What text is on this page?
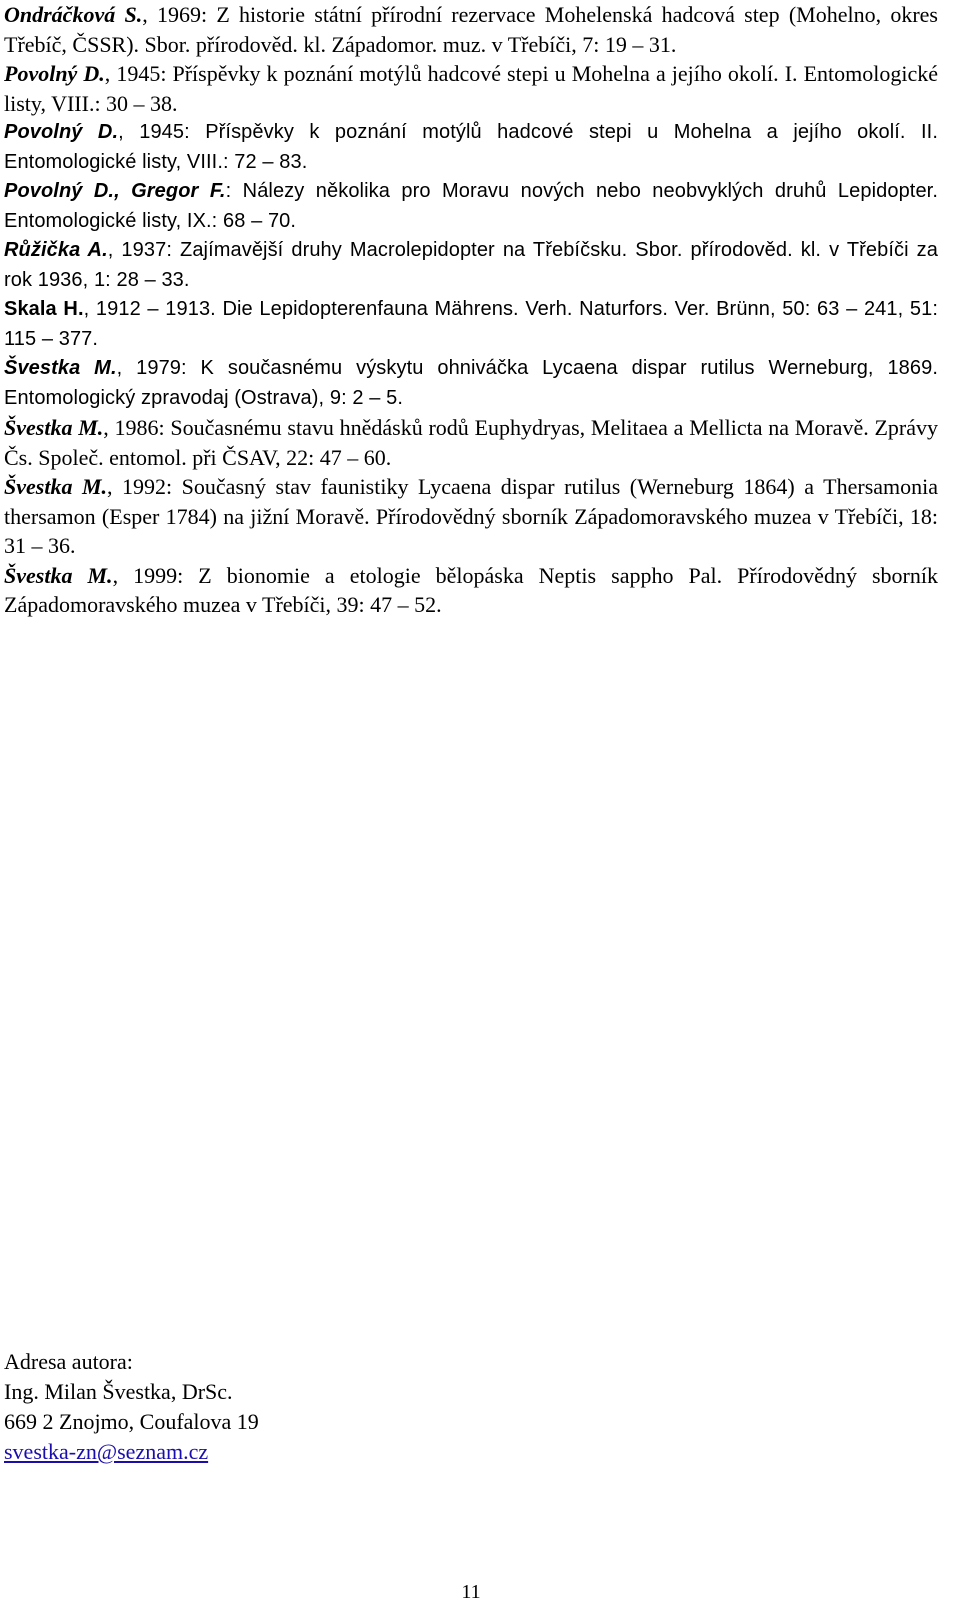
Ondráčková S., 1969: Z historie státní přírodní rezervace Mohelenská hadcová step (Mohelno, okres Třebíč, ČSSR). Sbor. přírodověd. kl. Západomor. muz. v Třebíči, 7: 19 – 31.
Povolný D., 1945: Příspěvky k poznání motýlů hadcové stepi u Mohelna a jejího okolí. I. Entomologické listy, VIII.: 30 – 38.
Povolný D., 1945: Příspěvky k poznání motýlů hadcové stepi u Mohelna a jejího okolí. II. Entomologické listy, VIII.: 72 – 83.
Povolný D., Gregor F.: Nálezy několika pro Moravu nových nebo neobvyklých druhů Lepidopter. Entomologické listy, IX.: 68 – 70.
Růžička A., 1937: Zajímavější druhy Macrolepidopter na Třebíčsku. Sbor. přírodověd. kl. v Třebíči za rok 1936, 1: 28 – 33.
Skala H., 1912 – 1913. Die Lepidopterenfauna Mährens. Verh. Naturfors. Ver. Brünn, 50: 63 – 241, 51: 115 – 377.
Švestka M., 1979: K současnému výskytu ohniváčka Lycaena dispar rutilus Werneburg, 1869. Entomologický zpravodaj (Ostrava), 9: 2 – 5.
Švestka M., 1986: Současnému stavu hnědásků rodů Euphydryas, Melitaea a Mellicta na Moravě. Zprávy Čs. Společ. entomol. při ČSAV, 22: 47 – 60.
Švestka M., 1992: Současný stav faunistiky Lycaena dispar rutilus (Werneburg 1864) a Thersamonia thersamon (Esper 1784) na jižní Moravě. Přírodovědný sborník Západomoravského muzea v Třebíči, 18: 31 – 36.
Švestka M., 1999: Z bionomie a etologie bělopáska Neptis sappho Pal. Přírodovědný sborník Západomoravského muzea v Třebíči, 39: 47 – 52.
Adresa autora:
Ing. Milan Švestka, DrSc.
669 2 Znojmo, Coufalova 19
svestka-zn@seznam.cz
11
